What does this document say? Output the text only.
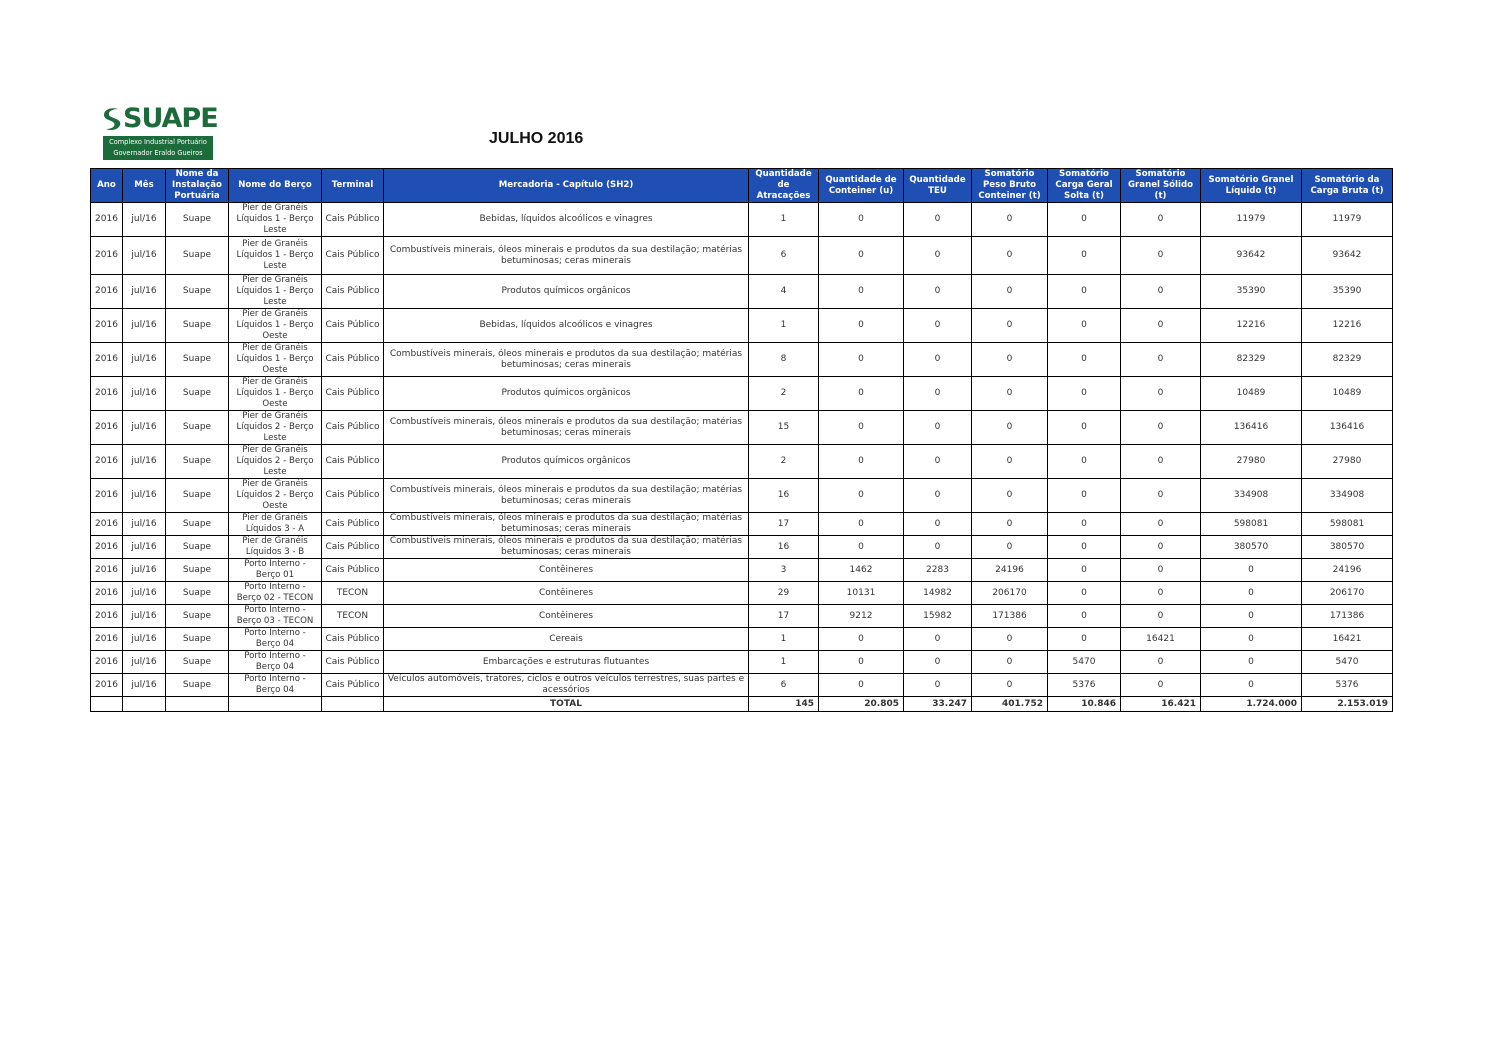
SUAPE
Complexo Industrial Portuário
Governador Eraldo Gueiros
JULHO 2016
Ano	Mês	Nome da Instalação Portuária	Nome do Berço	Terminal	Mercadoria - Capítulo (SH2)	Quantidade de Atracações	Quantidade de Conteiner (u)	Quantidade TEU	Somatório Peso Bruto Conteiner (t)	Somatório Carga Geral Solta (t)	Somatório Granel Sólido (t)	Somatório Granel Líquido (t)	Somatório da Carga Bruta (t)
2016	jul/16	Suape	Pier de Granéis Líquidos 1 - Berço Leste	Cais Público	Bebidas, líquidos alcoólicos e vinagres	1	0	0	0	0	0	11979	11979
2016	jul/16	Suape	Pier de Granéis Líquidos 1 - Berço Leste	Cais Público	Combustíveis minerais, óleos minerais e produtos da sua destilação; matérias betuminosas; ceras minerais	6	0	0	0	0	0	93642	93642
2016	jul/16	Suape	Pier de Granéis Líquidos 1 - Berço Leste	Cais Público	Produtos químicos orgânicos	4	0	0	0	0	0	35390	35390
2016	jul/16	Suape	Pier de Granéis Líquidos 1 - Berço Oeste	Cais Público	Bebidas, líquidos alcoólicos e vinagres	1	0	0	0	0	0	12216	12216
2016	jul/16	Suape	Pier de Granéis Líquidos 1 - Berço Oeste	Cais Público	Combustíveis minerais, óleos minerais e produtos da sua destilação; matérias betuminosas; ceras minerais	8	0	0	0	0	0	82329	82329
2016	jul/16	Suape	Pier de Granéis Líquidos 1 - Berço Oeste	Cais Público	Produtos químicos orgânicos	2	0	0	0	0	0	10489	10489
2016	jul/16	Suape	Pier de Granéis Líquidos 2 - Berço Leste	Cais Público	Combustíveis minerais, óleos minerais e produtos da sua destilação; matérias betuminosas; ceras minerais	15	0	0	0	0	0	136416	136416
2016	jul/16	Suape	Pier de Granéis Líquidos 2 - Berço Leste	Cais Público	Produtos químicos orgânicos	2	0	0	0	0	0	27980	27980
2016	jul/16	Suape	Pier de Granéis Líquidos 2 - Berço Oeste	Cais Público	Combustíveis minerais, óleos minerais e produtos da sua destilação; matérias betuminosas; ceras minerais	16	0	0	0	0	0	334908	334908
2016	jul/16	Suape	Pier de Granéis Líquidos 3 - A	Cais Público	Combustíveis minerais, óleos minerais e produtos da sua destilação; matérias betuminosas; ceras minerais	17	0	0	0	0	0	598081	598081
2016	jul/16	Suape	Pier de Granéis Líquidos 3 - B	Cais Público	Combustíveis minerais, óleos minerais e produtos da sua destilação; matérias betuminosas; ceras minerais	16	0	0	0	0	0	380570	380570
2016	jul/16	Suape	Porto Interno - Berço 01	Cais Público	Contêineres	3	1462	2283	24196	0	0	0	24196
2016	jul/16	Suape	Porto Interno - Berço 02 - TECON	TECON	Contêineres	29	10131	14982	206170	0	0	0	206170
2016	jul/16	Suape	Porto Interno - Berço 03 - TECON	TECON	Contêineres	17	9212	15982	171386	0	0	0	171386
2016	jul/16	Suape	Porto Interno - Berço 04	Cais Público	Cereais	1	0	0	0	0	16421	0	16421
2016	jul/16	Suape	Porto Interno - Berço 04	Cais Público	Embarcações e estruturas flutuantes	1	0	0	0	5470	0	0	5470
2016	jul/16	Suape	Porto Interno - Berço 04	Cais Público	Veículos automóveis, tratores, ciclos e outros veículos terrestres, suas partes e acessórios	6	0	0	0	5376	0	0	5376
					TOTAL	145	20.805	33.247	401.752	10.846	16.421	1.724.000	2.153.019
